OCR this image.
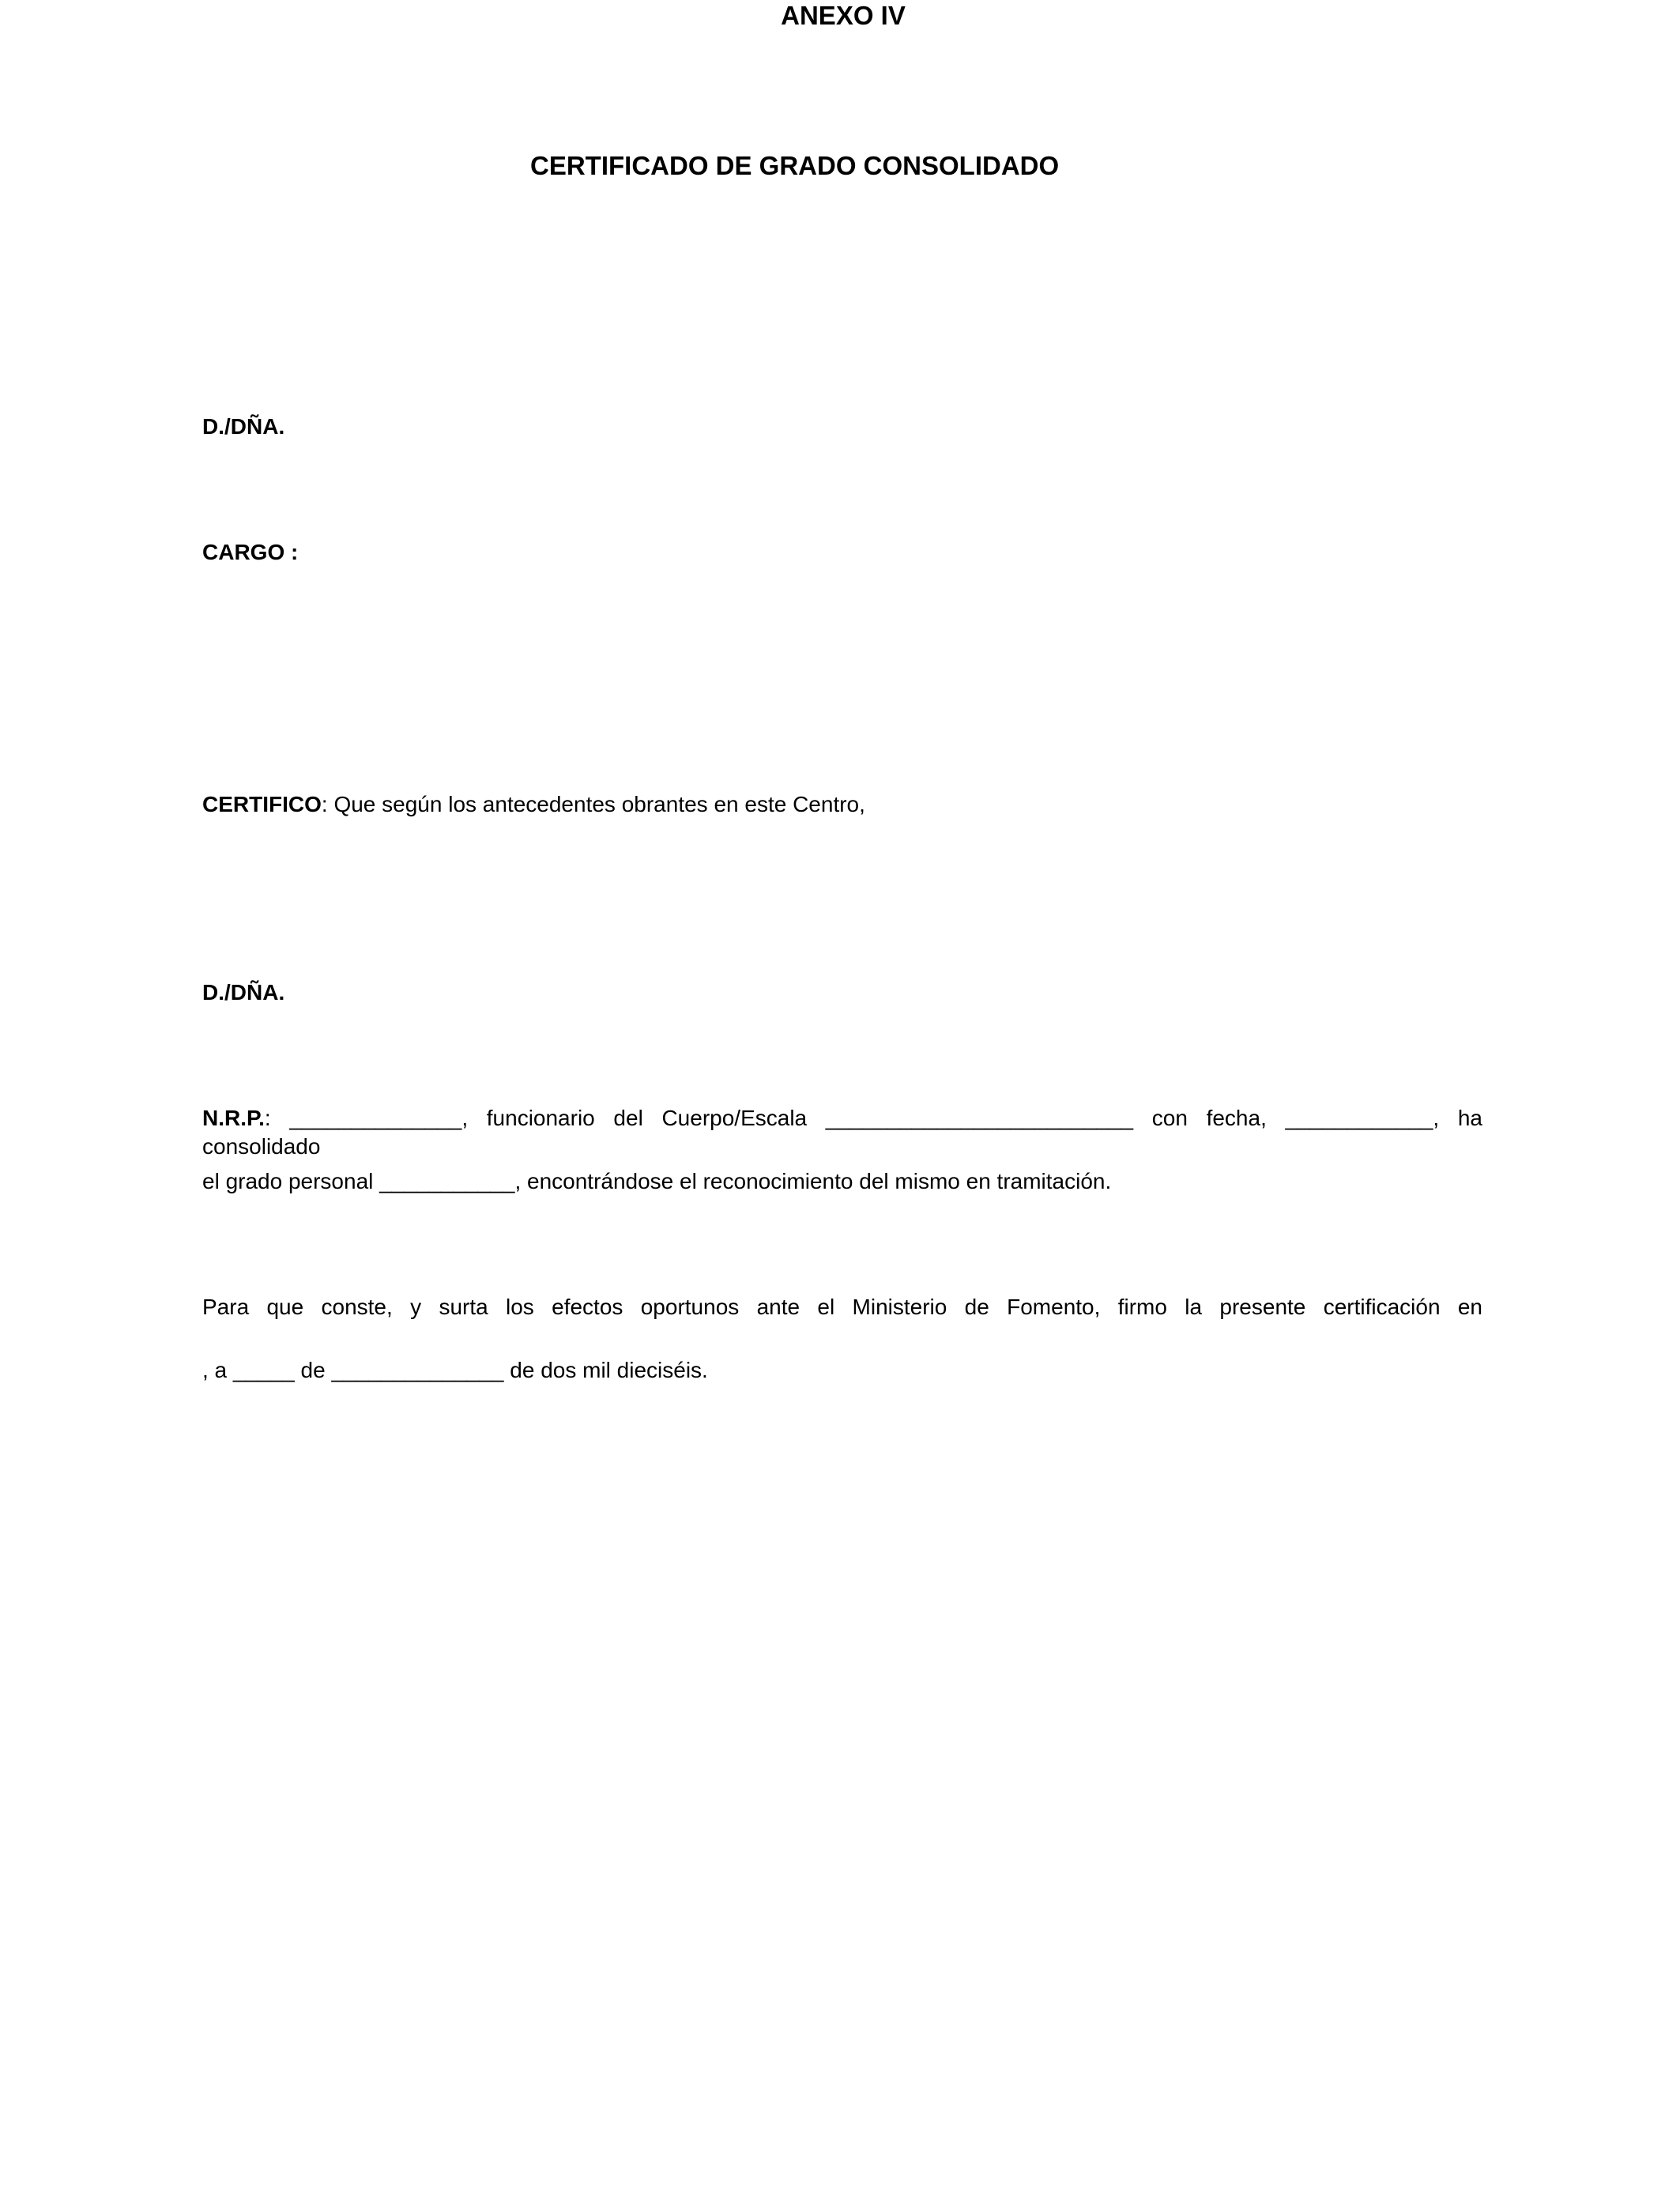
ANEXO IV
CERTIFICADO DE GRADO CONSOLIDADO
D./DÑA.
CARGO :
CERTIFICO: Que según los antecedentes obrantes en este Centro,
D./DÑA.
N.R.P.: ______________, funcionario del Cuerpo/Escala _________________________ con fecha, ____________, ha consolidado
el grado personal ___________, encontrándose el reconocimiento del mismo en tramitación.
Para que conste, y surta los efectos oportunos ante el Ministerio de Fomento, firmo la presente certificación en
, a _____ de ______________ de dos mil dieciséis.
